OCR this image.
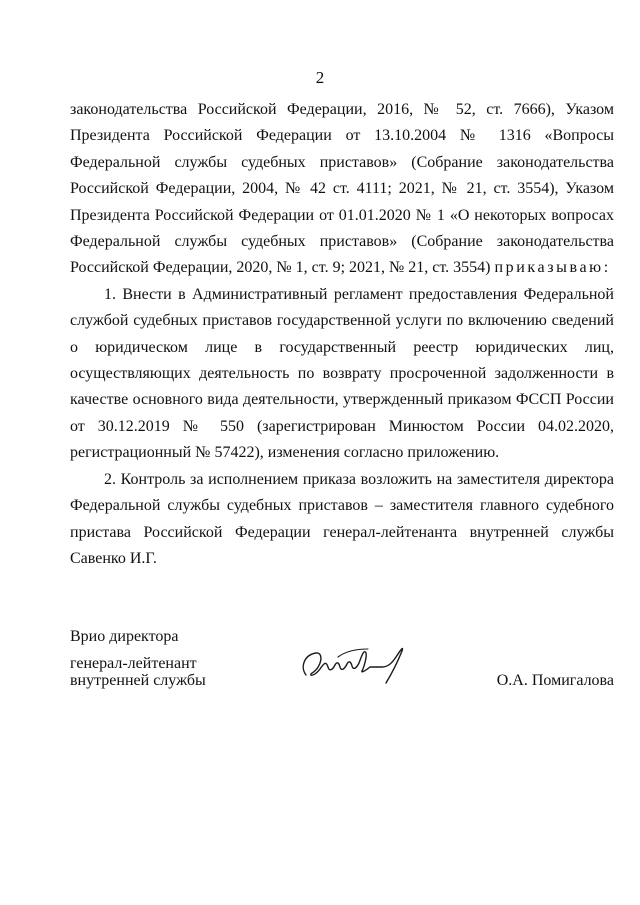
2

законодательства Российской Федерации, 2016, № 52, ст. 7666), Указом Президента Российской Федерации от 13.10.2004 № 1316 «Вопросы Федеральной службы судебных приставов» (Собрание законодательства Российской Федерации, 2004, № 42 ст. 4111; 2021, № 21, ст. 3554), Указом Президента Российской Федерации от 01.01.2020 № 1 «О некоторых вопросах Федеральной службы судебных приставов» (Собрание законодательства Российской Федерации, 2020, № 1, ст. 9; 2021, № 21, ст. 3554) приказываю:

1. Внести в Административный регламент предоставления Федеральной службой судебных приставов государственной услуги по включению сведений о юридическом лице в государственный реестр юридических лиц, осуществляющих деятельность по возврату просроченной задолженности в качестве основного вида деятельности, утвержденный приказом ФССП России от 30.12.2019 № 550 (зарегистрирован Минюстом России 04.02.2020, регистрационный № 57422), изменения согласно приложению.

2. Контроль за исполнением приказа возложить на заместителя директора Федеральной службы судебных приставов – заместителя главного судебного пристава Российской Федерации генерал-лейтенанта внутренней службы Савенко И.Г.

Врио директора
генерал-лейтенант
внутренней службы	О.А. Помигалова
